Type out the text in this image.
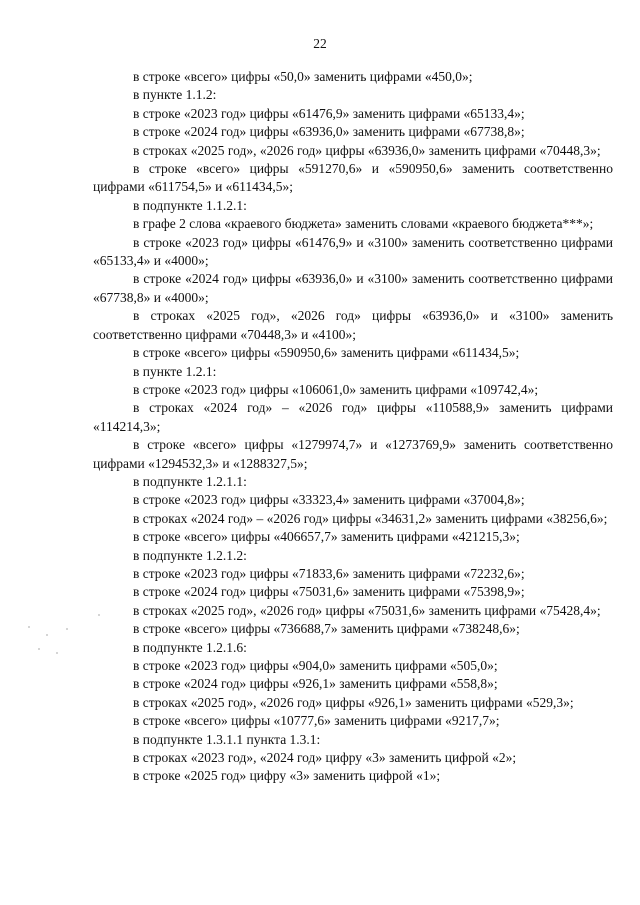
22

в строке «всего» цифры «50,0» заменить цифрами «450,0»;

в пункте 1.1.2:

в строке «2023 год» цифры «61476,9» заменить цифрами «65133,4»;

в строке «2024 год» цифры «63936,0» заменить цифрами «67738,8»;

в строках «2025 год», «2026 год» цифры «63936,0» заменить цифрами «70448,3»;

в строке «всего» цифры «591270,6» и «590950,6» заменить соответственно цифрами «611754,5» и «611434,5»;

в подпункте 1.1.2.1:

в графе 2 слова «краевого бюджета» заменить словами «краевого бюджета***»;

в строке «2023 год» цифры «61476,9» и «3100» заменить соответственно цифрами «65133,4» и «4000»;

в строке «2024 год» цифры «63936,0» и «3100» заменить соответственно цифрами «67738,8» и «4000»;

в строках «2025 год», «2026 год» цифры «63936,0» и «3100» заменить соответственно цифрами «70448,3» и «4100»;

в строке «всего» цифры «590950,6» заменить цифрами «611434,5»;

в пункте 1.2.1:

в строке «2023 год» цифры «106061,0» заменить цифрами «109742,4»;

в строках «2024 год» – «2026 год» цифры «110588,9» заменить цифрами «114214,3»;

в строке «всего» цифры «1279974,7» и «1273769,9» заменить соответственно цифрами «1294532,3» и «1288327,5»;

в подпункте 1.2.1.1:

в строке «2023 год» цифры «33323,4» заменить цифрами «37004,8»;

в строках «2024 год» – «2026 год» цифры «34631,2» заменить цифрами «38256,6»;

в строке «всего» цифры «406657,7» заменить цифрами «421215,3»;

в подпункте 1.2.1.2:

в строке «2023 год» цифры «71833,6» заменить цифрами «72232,6»;

в строке «2024 год» цифры «75031,6» заменить цифрами «75398,9»;

в строках «2025 год», «2026 год» цифры «75031,6» заменить цифрами «75428,4»;

в строке «всего» цифры «736688,7» заменить цифрами «738248,6»;

в подпункте 1.2.1.6:

в строке «2023 год» цифры «904,0» заменить цифрами «505,0»;

в строке «2024 год» цифры «926,1» заменить цифрами «558,8»;

в строках «2025 год», «2026 год» цифры «926,1» заменить цифрами «529,3»;

в строке «всего» цифры «10777,6» заменить цифрами «9217,7»;

в подпункте 1.3.1.1 пункта 1.3.1:

в строках «2023 год», «2024 год» цифру «3» заменить цифрой «2»;

в строке «2025 год» цифру «3» заменить цифрой «1»;
